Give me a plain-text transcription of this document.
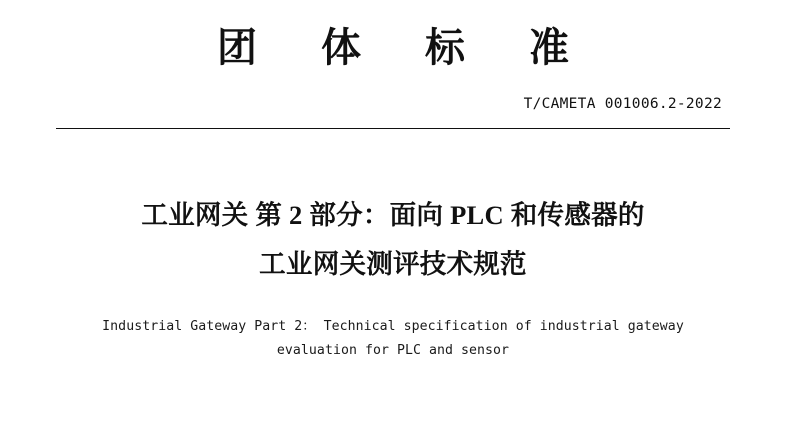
团　体　标　准
T/CAMETA 001006.2-2022
工业网关 第 2 部分：面向 PLC 和传感器的
工业网关测评技术规范
Industrial Gateway Part 2： Technical specification of industrial gateway
evaluation for PLC and sensor
